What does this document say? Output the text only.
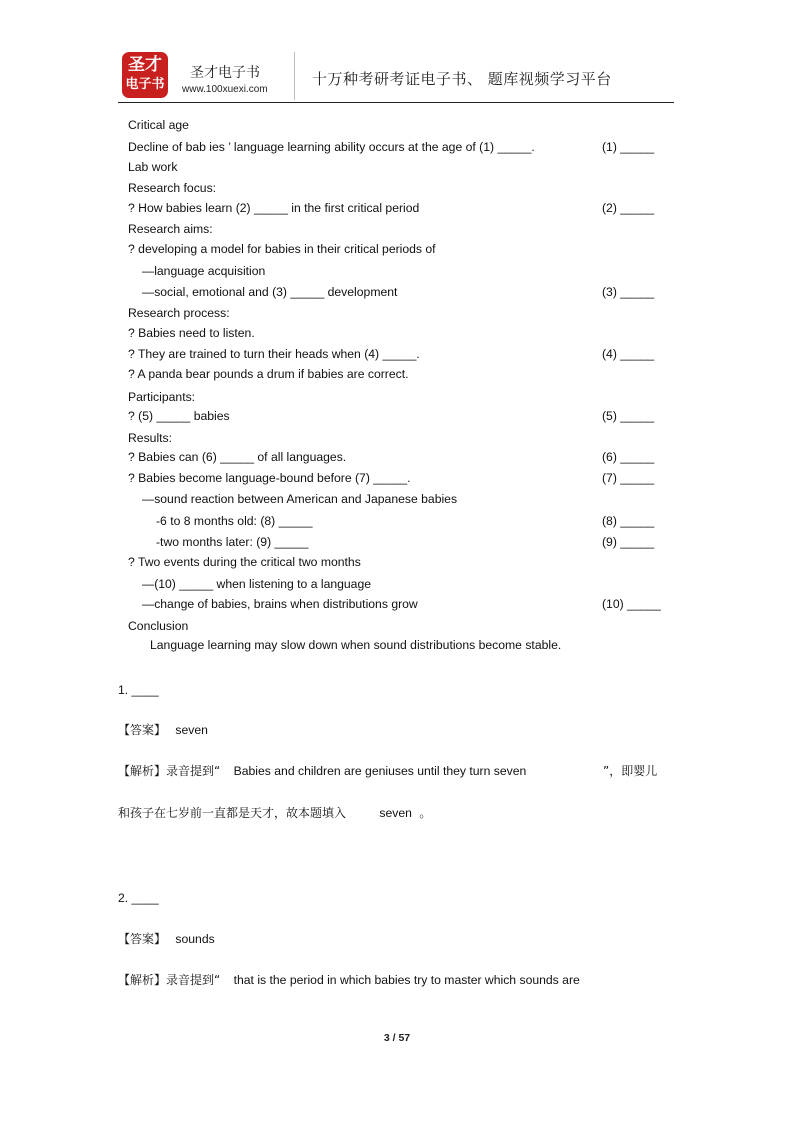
圣才
电子书
圣才电子书
www.100xuexi.com
十万种考研考证电子书、 题库视频学习平台
Critical age
Decline of bab ies ’ language learning ability occurs at the age of (1) _____.	(1) _____
Lab work
Research focus:
? How babies learn (2) _____ in the first critical period	(2) _____
Research aims:
? developing a model for babies in their critical periods of
—language acquisition
—social, emotional and (3) _____ development	(3) _____
Research process:
? Babies need to listen.
? They are trained to turn their heads when (4) _____.	(4) _____
? A panda bear pounds a drum if babies are correct.
Participants:
? (5) _____ babies	(5) _____
Results:
? Babies can (6) _____ of all languages.	(6) _____
? Babies become language-bound before (7) _____.	(7) _____
—sound reaction between American and Japanese babies
-6 to 8 months old: (8) _____	(8) _____
-two months later: (9) _____	(9) _____
? Two events during the critical two months
—(10) _____ when listening to a language
—change of babies, brains when distributions grow	(10) _____
Conclusion
Language learning may slow down when sound distributions become stable.
1. ____
【答案】 seven
【解析】录音提到“ Babies and children are geniuses until they turn seven	”，即婴儿
和孩子在七岁前一直都是天才，故本题填入	seven 。
2. ____
【答案】 sounds
【解析】录音提到“ that is the period in which babies try to master which sounds are
3 / 57
